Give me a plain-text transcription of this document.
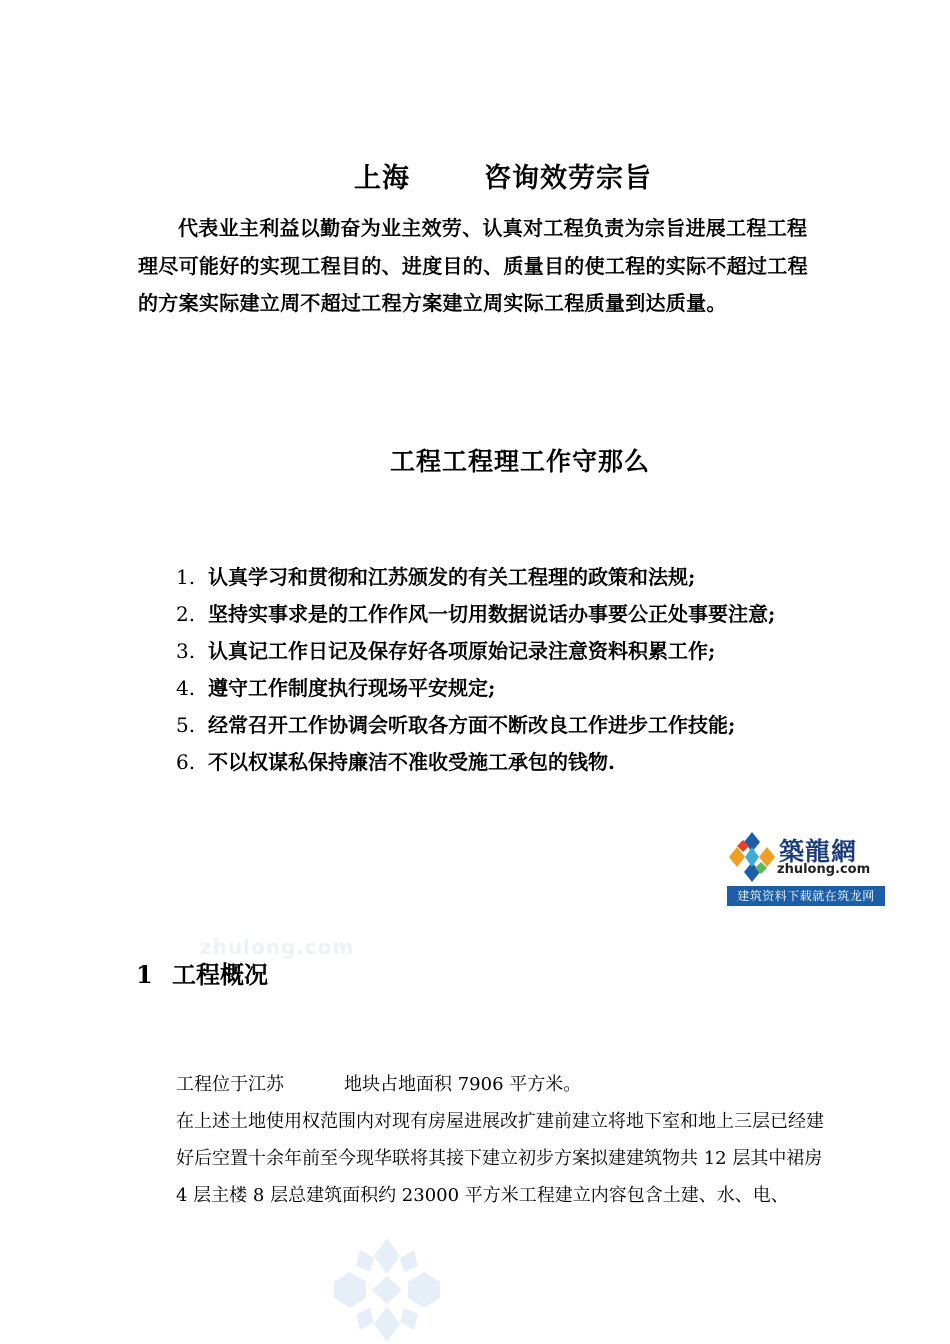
上海	咨询效劳宗旨
代表业主利益以勤奋为业主效劳、认真对工程负责为宗旨进展工程工程理尽可能好的实现工程目的、进度目的、质量目的使工程的实际不超过工程的方案实际建立周不超过工程方案建立周实际工程质量到达质量。
工程工程理工作守那么
1. 认真学习和贯彻和江苏颁发的有关工程理的政策和法规;
2. 坚持实事求是的工作作风一切用数据说话办事要公正处事要注意;
3. 认真记工作日记及保存好各项原始记录注意资料积累工作;
4. 遵守工作制度执行现场平安规定;
5. 经常召开工作协调会听取各方面不断改良工作进步工作技能;
6. 不以权谋私保持廉洁不准收受施工承包的钱物.
築龍網
zhulong.com
建筑资料下载就在筑龙网
zhulong.com
1 工程概况
工程位于江苏	地块占地面积 7906 平方米。
在上述土地使用权范围内对现有房屋进展改扩建前建立将地下室和地上三层已经建好后空置十余年前至今现华联将其接下建立初步方案拟建建筑物共 12 层其中裙房 4 层主楼 8 层总建筑面积约 23000 平方米工程建立内容包含土建、水、电、
